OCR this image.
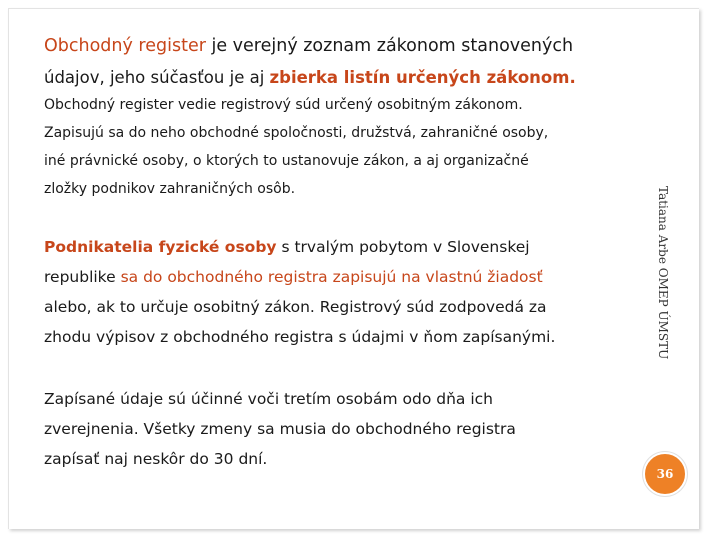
Obchodný register je verejný zoznam zákonom stanovených

údajov, jeho súčasťou je aj zbierka listín určených zákonom.

Obchodný register vedie registrový súd určený osobitným zákonom.

Zapisujú sa do neho obchodné spoločnosti, družstvá, zahraničné osoby,

iné právnické osoby, o ktorých to ustanovuje zákon, a aj organizačné

zložky podnikov zahraničných osôb.

Podnikatelia fyzické osoby s trvalým pobytom v Slovenskej

republike sa do obchodného registra zapisujú na vlastnú žiadosť

alebo, ak to určuje osobitný zákon. Registrový súd zodpovedá za

zhodu výpisov z obchodného registra s údajmi v ňom zapísanými.

Zapísané údaje sú účinné voči tretím osobám odo dňa ich

zverejnenia. Všetky zmeny sa musia do obchodného registra

zapísať naj neskôr do 30 dní.

Tatiana Arbe OMEP ÚMSTU
36
